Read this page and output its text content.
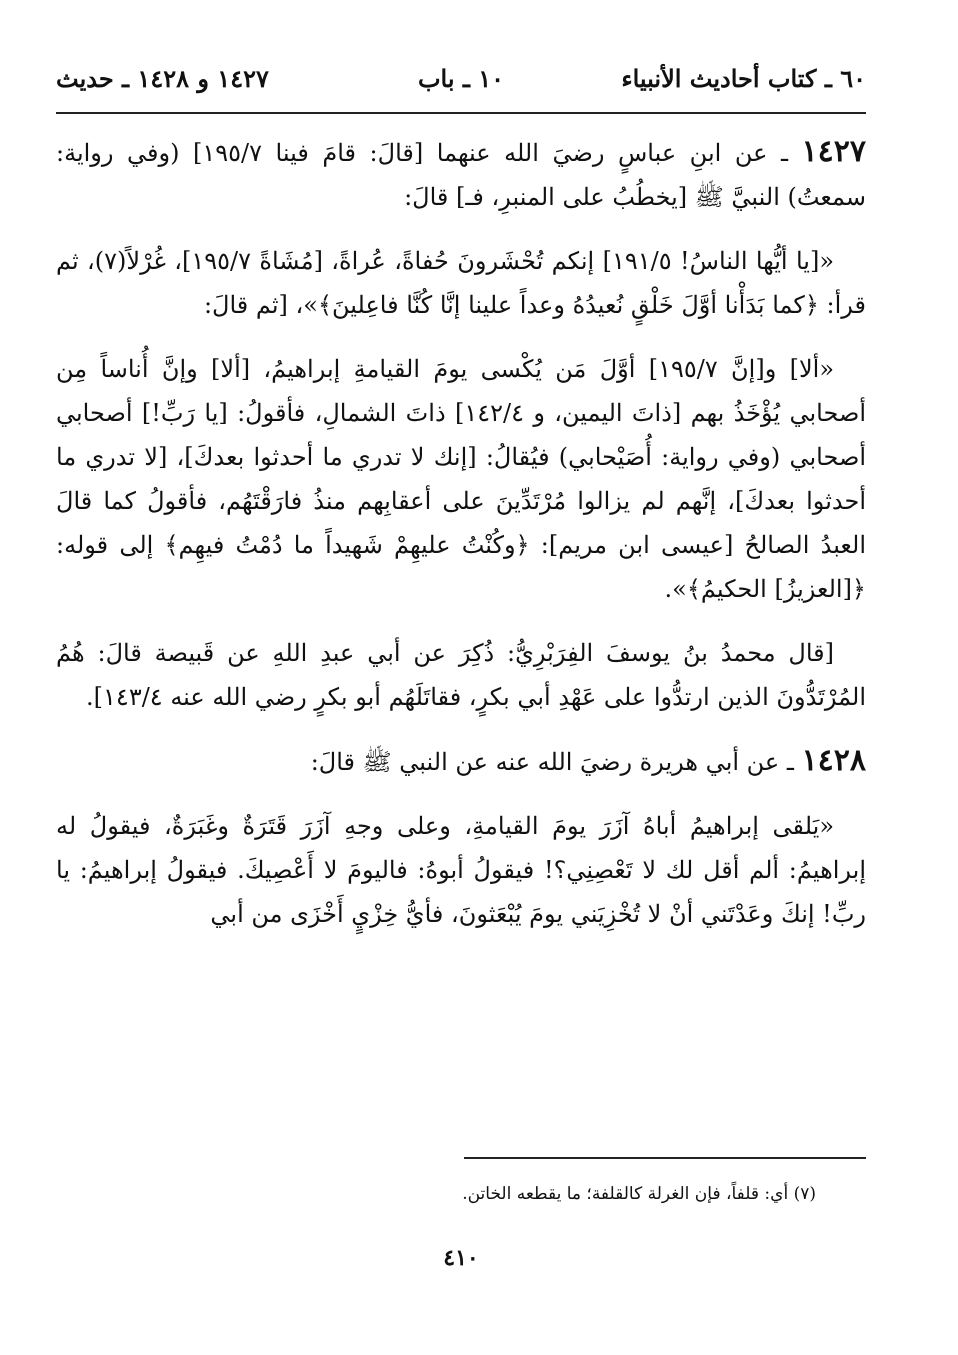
٦٠ ـ كتاب أحاديث الأنبياء
١٠ ـ باب
١٤٢٧ و ١٤٢٨ ـ حديث

١٤٢٧ ـ عن ابنِ عباسٍ رضيَ الله عنهما [قالَ: قامَ فينا ١٩٥/٧] (وفي رواية: سمعتُ) النبيَّ ﷺ [يخطُبُ على المنبرِ، فـ] قالَ:

«[يا أيُّها الناسُ! ١٩١/٥] إنكم تُحْشَرونَ حُفاةً، عُراةً، [مُشَاةً ١٩٥/٧]، غُرْلاً(٧)، ثم قرأ: ﴿كما بَدَأْنا أوَّلَ خَلْقٍ نُعيدُهُ وعداً علينا إنَّا كُنَّا فاعِلينَ﴾»، [ثم قالَ:

«ألا] و[إنَّ ١٩٥/٧] أوَّلَ مَن يُكْسى يومَ القيامةِ إبراهيمُ، [ألا] وإنَّ أُناساً مِن أصحابي يُؤْخَذُ بهم [ذاتَ اليمين، و ١٤٢/٤] ذاتَ الشمالِ، فأقولُ: [يا رَبِّ!] أصحابي أصحابي (وفي رواية: أُصَيْحابي) فيُقالُ: [إنك لا تدري ما أحدثوا بعدكَ]، [لا تدري ما أحدثوا بعدكَ]، إنَّهم لم يزالوا مُرْتَدِّينَ على أعقابِهم منذُ فارَقْتَهُم، فأقولُ كما قالَ العبدُ الصالحُ [عيسى ابن مريم]: ﴿وكُنْتُ عليهِمْ شَهيداً ما دُمْتُ فيهِم﴾ إلى قوله: ﴿[العزيزُ] الحكيمُ﴾».

[قال محمدُ بنُ يوسفَ الفِرَبْرِيُّ: ذُكِرَ عن أبي عبدِ اللهِ عن قَبيصة قالَ: هُمُ المُرْتَدُّونَ الذين ارتدُّوا على عَهْدِ أبي بكرٍ، فقاتَلَهُم أبو بكرٍ رضي الله عنه ١٤٣/٤].

١٤٢٨ ـ عن أبي هريرة رضيَ الله عنه عن النبي ﷺ قالَ:

«يَلقى إبراهيمُ أباهُ آزَرَ يومَ القيامةِ، وعلى وجهِ آزَرَ قَتَرَةٌ وغَبَرَةٌ، فيقولُ له إبراهيمُ: ألم أقل لك لا تَعْصِنِي؟! فيقولُ أبوهُ: فاليومَ لا أَعْصِيكَ. فيقولُ إبراهيمُ: يا ربِّ! إنكَ وعَدْتَني أنْ لا تُخْزِيَني يومَ يُبْعَثونَ، فأيُّ خِزْيٍ أَخْزَى من أبي

(٧) أي: قلفاً، فإن الغرلة كالقلفة؛ ما يقطعه الخاتن.
٤١٠
